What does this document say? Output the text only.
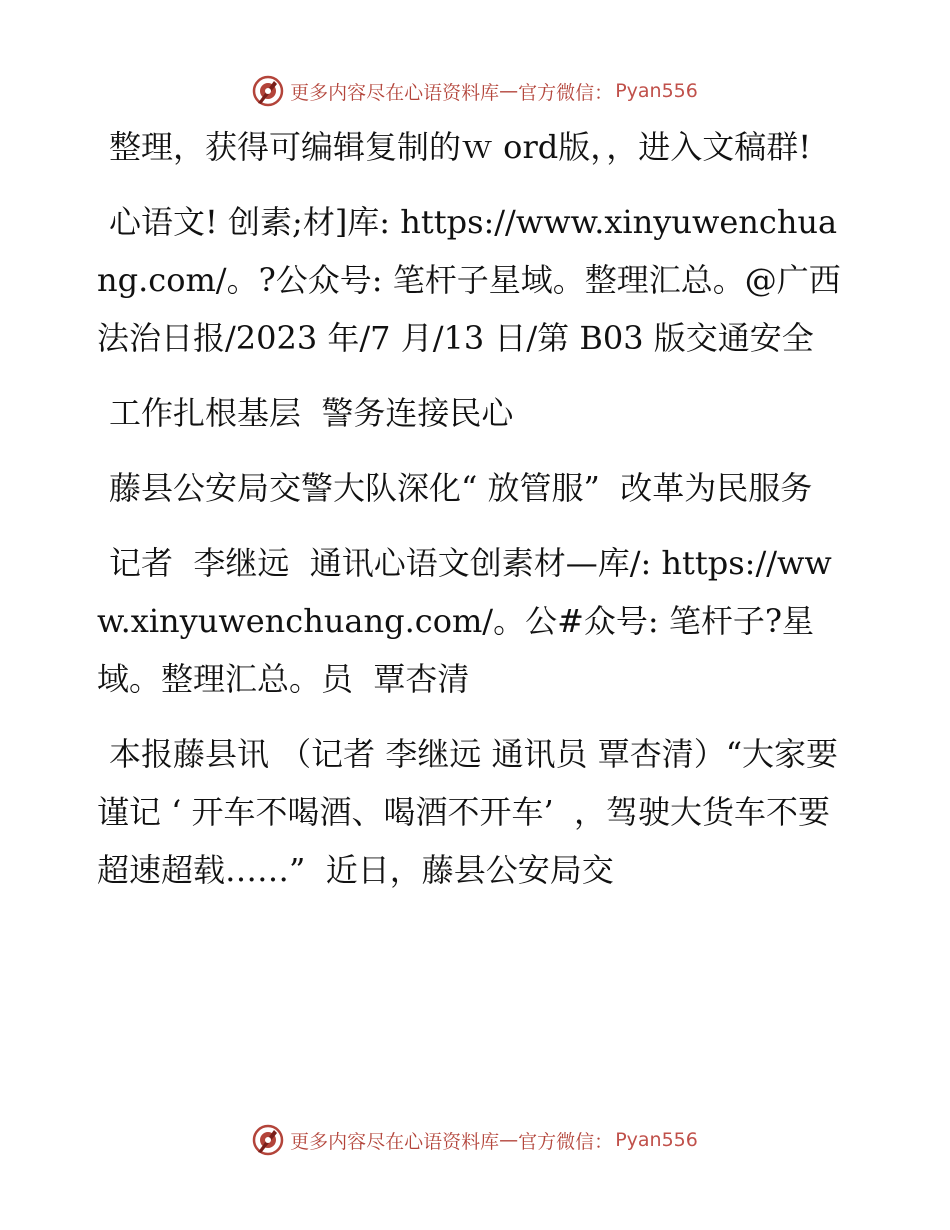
更多内容尽在心语资料库 — 官方微信： Pyan556

整理，获得可编辑复制的ｗ ord版，，进入文稿群!

心语文! 创素;材]库: https://www.xinyuwenchuang.com/。?公众号: 笔杆子星域。整理汇总。@广西法治日报/2023 年/7 月/13 日/第 B03 版交通安全

工作扎根基层  警务连接民心

藤县公安局交警大队深化“ 放管服”  改革为民服务

记者  李继远  通讯心语文创素材—库/: https://www.xinyuwenchuang.com/。公#众号: 笔杆子?星域。整理汇总。员  覃杏清

本报藤县讯 （记者 李继远 通讯员 覃杏清）“大家要谨记 ‘ 开车不喝酒、喝酒不开车’  ，驾驶大货车不要超速超载……”  近日，藤县公安局交

更多内容尽在心语资料库 — 官方微信： Pyan556
